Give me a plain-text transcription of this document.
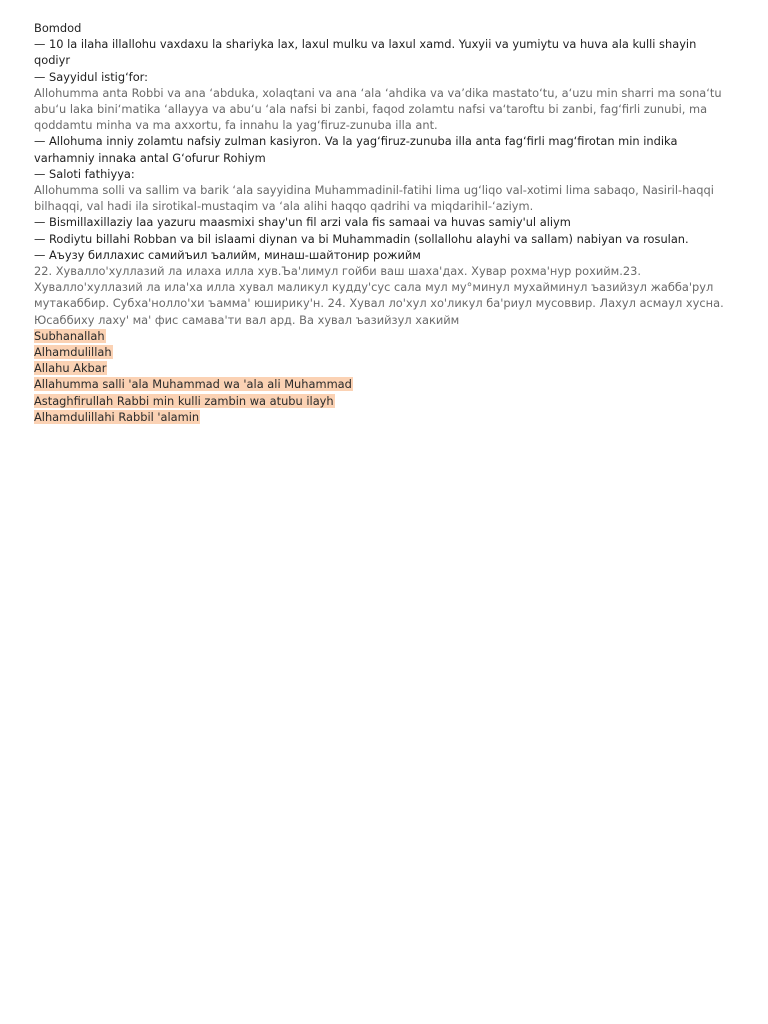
Bomdod

— 10 la ilaha illallohu vaxdaxu la shariyka lax, laxul mulku va laxul xamd. Yuxyii va yumiytu va huva ala kulli shayin qodiyr

— Sayyidul istig‘for:

Allohumma anta Robbi va ana ‘abduka, xolaqtani va ana ‘ala ‘ahdika va va’dika mastato‘tu, a‘uzu min sharri ma sona‘tu abu‘u laka bini‘matika ‘allayya va abu‘u ‘ala nafsi bi zanbi, faqod zolamtu nafsi va‘taroftu bi zanbi, fag‘firli zunubi, ma qoddamtu minha va ma axxortu, fa innahu la yag‘firuz-zunuba illa ant.

— Allohuma inniy zolamtu nafsiy zulman kasiyron. Va la yag‘firuz-zunuba illa anta fag‘firli mag‘firotan min indika varhamniy innaka antal G‘ofurur Rohiym

— Saloti fathiyya:

Allohumma solli va sallim va barik ‘ala sayyidina Muhammadinil-fatihi lima ug‘liqo val-xotimi lima sabaqo, Nasiril-haqqi bilhaqqi, val hadi ila sirotikal-mustaqim va ‘ala alihi haqqo qadrihi va miqdarihil-‘aziym.

— Bismillaxillaziy laa yazuru maasmixi shay'un fil arzi vala fis samaai va huvas samiy'ul aliym

— Rodiytu billahi Robban va bil islaami diynan va bi Muhammadin (sollallohu alayhi va sallam) nabiyan va rosulan.

— Аъузу биллахис самийъил ъалийм, минаш-шайтонир рожийм

22. Хувалло'хуллазий ла илаха илла хув.Ъа'лимул гойби ваш шаха'дах. Хувар рохма'нур рохийм.23. Хувалло'хуллазий ла ила'ха илла хувал маликул кудду'сус сала мул му°минул мухайминул ъазийзул жабба'рул мутакаббир. Субха'нолло'хи ъамма' юширику'н. 24. Хувал ло'хул хо'ликул ба'риул мусоввир. Лахул асмаул хусна. Юсаббиху лаху' ма' фис самава'ти вал ард. Ва хувал ъазийзул хакийм

Subhanallah

Alhamdulillah

Allahu Akbar

Allahumma salli 'ala Muhammad wa 'ala ali Muhammad

Astaghfirullah Rabbi min kulli zambin wa atubu ilayh

Alhamdulillahi Rabbil 'alamin
